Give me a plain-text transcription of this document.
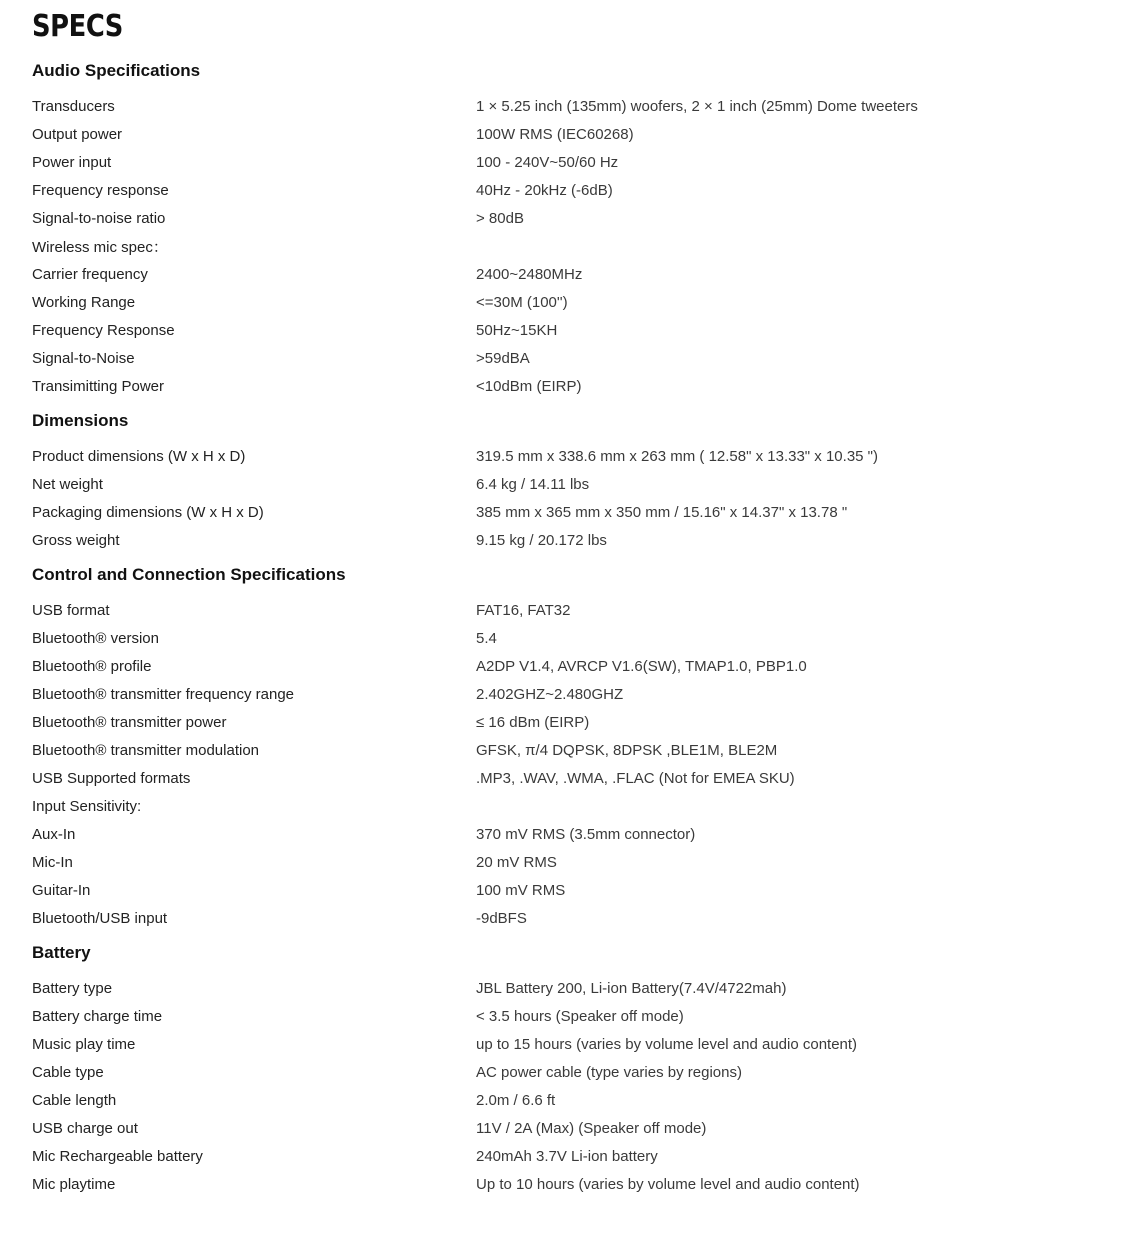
SPECS
Audio Specifications
Transducers	1 × 5.25 inch (135mm) woofers, 2 × 1 inch (25mm) Dome tweeters
Output power	100W RMS (IEC60268)
Power input	100 - 240V~50/60 Hz
Frequency response	40Hz - 20kHz (-6dB)
Signal-to-noise ratio	> 80dB
Wireless mic spec：
Carrier frequency	2400~2480MHz
Working Range	<=30M (100'')
Frequency Response	50Hz~15KH
Signal-to-Noise	>59dBA
Transimitting Power	<10dBm (EIRP)
Dimensions
Product dimensions (W x H x D)	319.5 mm x 338.6 mm x 263 mm ( 12.58" x 13.33" x 10.35 ")
Net weight	6.4 kg / 14.11 lbs
Packaging dimensions (W x H x D)	385 mm x 365 mm x 350 mm / 15.16" x 14.37" x 13.78 "
Gross weight	9.15 kg / 20.172 lbs
Control and Connection Specifications
USB format	FAT16, FAT32
Bluetooth® version	5.4
Bluetooth® profile	A2DP V1.4, AVRCP V1.6(SW), TMAP1.0, PBP1.0
Bluetooth® transmitter frequency range	2.402GHZ~2.480GHZ
Bluetooth® transmitter power	≤ 16 dBm (EIRP)
Bluetooth® transmitter modulation	GFSK, π/4 DQPSK, 8DPSK ,BLE1M, BLE2M
USB Supported formats	.MP3, .WAV, .WMA, .FLAC (Not for EMEA SKU)
Input Sensitivity:
Aux-In	370 mV RMS (3.5mm connector)
Mic-In	20 mV RMS
Guitar-In	100 mV RMS
Bluetooth/USB input	-9dBFS
Battery
Battery type	JBL Battery 200, Li-ion Battery(7.4V/4722mah)
Battery charge time	< 3.5 hours (Speaker off mode)
Music play time	up to 15 hours (varies by volume level and audio content)
Cable type	AC power cable (type varies by regions)
Cable length	2.0m / 6.6 ft
USB charge out	11V / 2A (Max) (Speaker off mode)
Mic Rechargeable battery	240mAh 3.7V Li-ion battery
Mic playtime	Up to 10 hours (varies by volume level and audio content)
